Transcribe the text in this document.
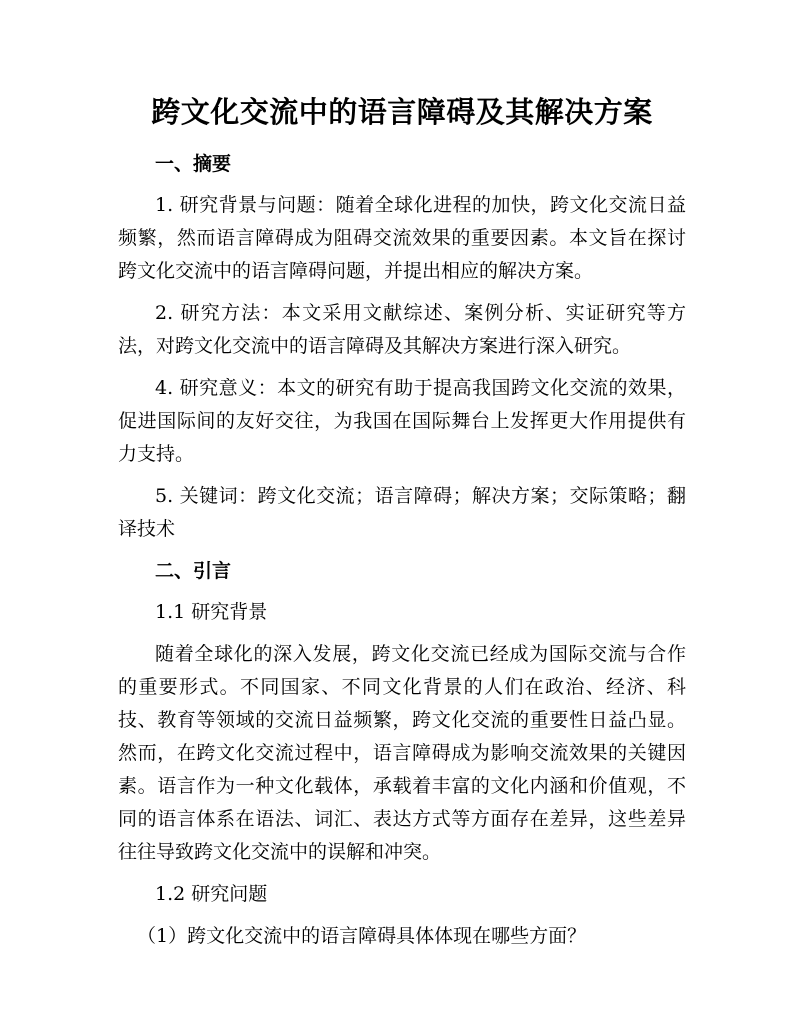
跨文化交流中的语言障碍及其解决方案
一、摘要

1. 研究背景与问题：随着全球化进程的加快，跨文化交流日益频繁，然而语言障碍成为阻碍交流效果的重要因素。本文旨在探讨跨文化交流中的语言障碍问题，并提出相应的解决方案。

2. 研究方法：本文采用文献综述、案例分析、实证研究等方法，对跨文化交流中的语言障碍及其解决方案进行深入研究。

4. 研究意义：本文的研究有助于提高我国跨文化交流的效果，促进国际间的友好交往，为我国在国际舞台上发挥更大作用提供有力支持。

5. 关键词：跨文化交流；语言障碍；解决方案；交际策略；翻译技术

二、引言

1.1 研究背景

随着全球化的深入发展，跨文化交流已经成为国际交流与合作的重要形式。不同国家、不同文化背景的人们在政治、经济、科技、教育等领域的交流日益频繁，跨文化交流的重要性日益凸显。然而，在跨文化交流过程中，语言障碍成为影响交流效果的关键因素。语言作为一种文化载体，承载着丰富的文化内涵和价值观，不同的语言体系在语法、词汇、表达方式等方面存在差异，这些差异往往导致跨文化交流中的误解和冲突。

1.2 研究问题

（1）跨文化交流中的语言障碍具体体现在哪些方面？
